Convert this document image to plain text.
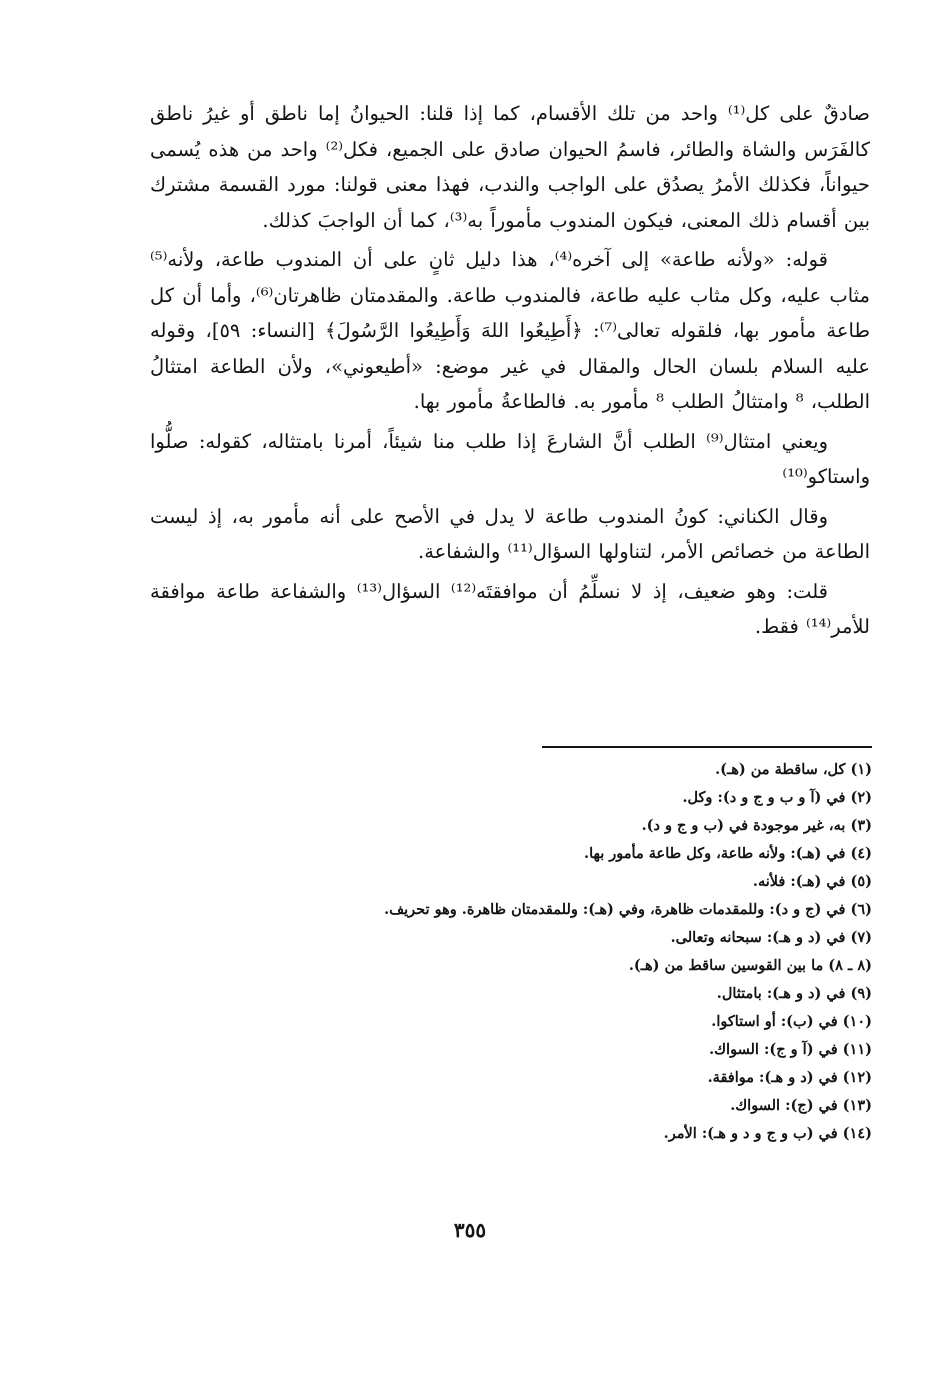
صادقٌ على كل⁽¹⁾ واحد من تلك الأقسام، كما إذا قلنا: الحيوانُ إما ناطق أو غيرُ ناطق كالفَرَس والشاة والطائر، فاسمُ الحيوان صادق على الجميع، فكل⁽²⁾ واحد من هذه يُسمى حيواناً، فكذلك الأمرُ يصدُق على الواجب والندب، فهذا معنى قولنا: مورد القسمة مشترك بين أقسام ذلك المعنى، فيكون المندوب مأموراً به⁽³⁾، كما أن الواجبَ كذلك.

قوله: «ولأنه طاعة» إلى آخره⁽⁴⁾، هذا دليل ثانٍ على أن المندوب طاعة، ولأنه⁽⁵⁾ مثاب عليه، وكل مثاب عليه طاعة، فالمندوب طاعة. والمقدمتان ظاهرتان⁽⁶⁾، وأما أن كل طاعة مأمور بها، فلقوله تعالى⁽⁷⁾: ﴿أَطِيعُوا اللهَ وَأَطِيعُوا الرَّسُولَ﴾ [النساء: ٥٩]، وقوله عليه السلام بلسان الحال والمقال في غير موضع: «أطيعوني»، ولأن الطاعة امتثالُ الطلب، ⁸ وامتثالُ الطلب ⁸ مأمور به. فالطاعةُ مأمور بها.

ويعني امتثال⁽⁹⁾ الطلب أنَّ الشارعَ إذا طلب منا شيئاً، أمرنا بامتثاله، كقوله: صلُّوا واستاكو⁽¹⁰⁾

وقال الكناني: كونُ المندوب طاعة لا يدل في الأصح على أنه مأمور به، إذ ليست الطاعة من خصائص الأمر، لتناولها السؤال⁽¹¹⁾ والشفاعة.

قلت: وهو ضعيف، إذ لا نسلِّمُ أن موافقتَه⁽¹²⁾ السؤال⁽¹³⁾ والشفاعة طاعة موافقة للأمر⁽¹⁴⁾ فقط.

(١) كل، ساقطة من (هـ).
(٢) في (آ و ب و ج و د): وكل.
(٣) به، غير موجودة في (ب و ج و د).
(٤) في (هـ): ولأنه طاعة، وكل طاعة مأمور بها.
(٥) في (هـ): فلأنه.
(٦) في (ج و د): وللمقدمات ظاهرة، وفي (هـ): وللمقدمتان ظاهرة. وهو تحريف.
(٧) في (د و هـ): سبحانه وتعالى.
(٨ ـ ٨) ما بين القوسين ساقط من (هـ).
(٩) في (د و هـ): بامتثال.
(١٠) في (ب): أو استاكوا.
(١١) في (آ و ج): السواك.
(١٢) في (د و هـ): موافقة.
(١٣) في (ج): السواك.
(١٤) في (ب و ج و د و هـ): الأمر.
٣٥٥
